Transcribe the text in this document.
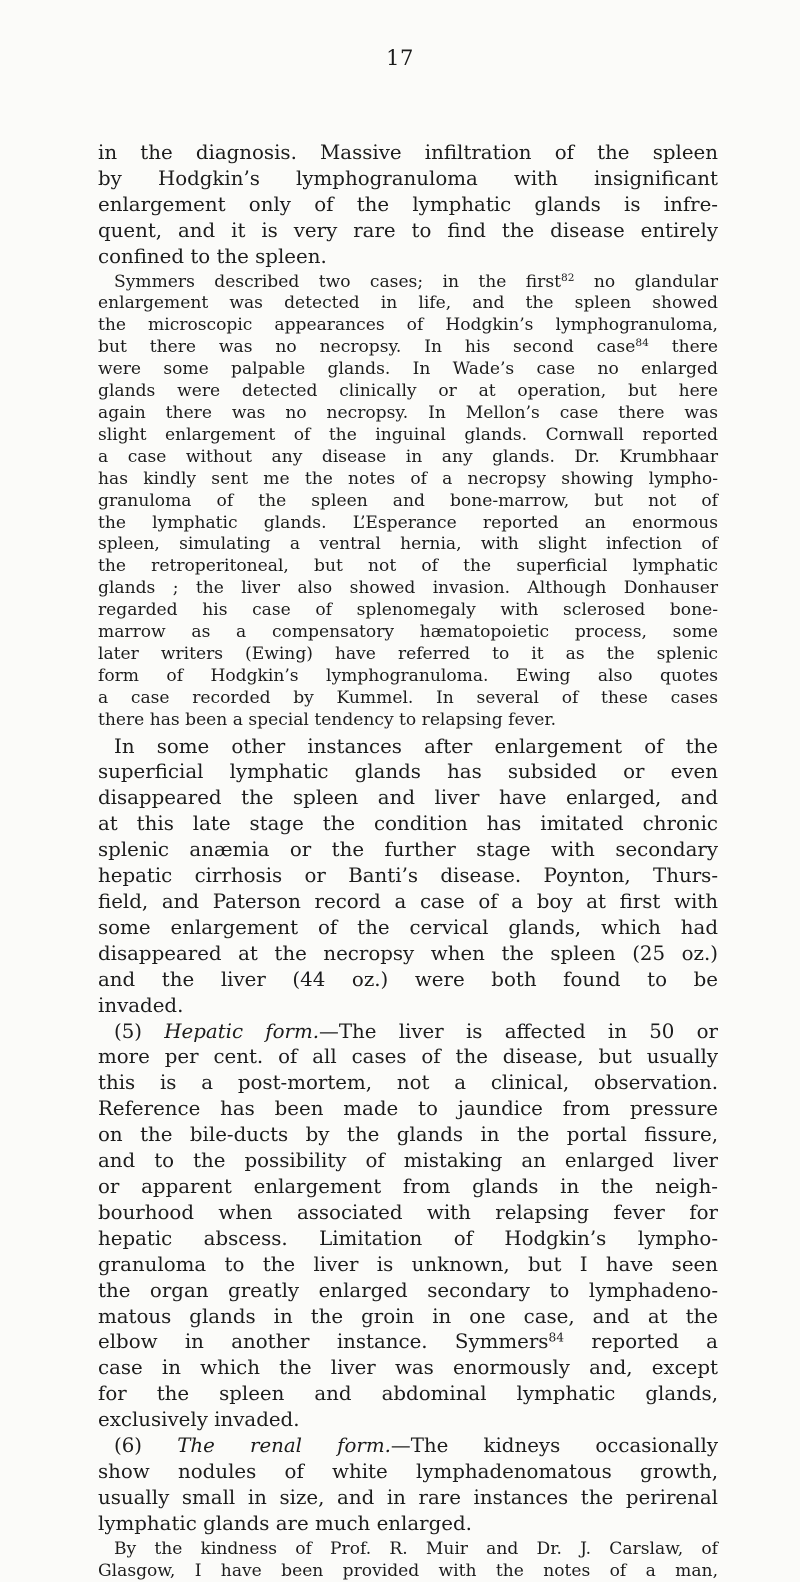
17
in the diagnosis. Massive infiltration of the spleen
by Hodgkin’s lymphogranuloma with insignificant
enlargement only of the lymphatic glands is infre-
quent, and it is very rare to find the disease entirely
confined to the spleen.
Symmers described two cases; in the first$^{82}$ no glandular
enlargement was detected in life, and the spleen showed
the microscopic appearances of Hodgkin’s lymphogranuloma,
but there was no necropsy. In his second case$^{84}$ there
were some palpable glands. In Wade’s case no enlarged
glands were detected clinically or at operation, but here
again there was no necropsy. In Mellon’s case there was
slight enlargement of the inguinal glands. Cornwall reported
a case without any disease in any glands. Dr. Krumbhaar
has kindly sent me the notes of a necropsy showing lympho-
granuloma of the spleen and bone-marrow, but not of
the lymphatic glands. L’Esperance reported an enormous
spleen, simulating a ventral hernia, with slight infection of
the retroperitoneal, but not of the superficial lymphatic
glands ; the liver also showed invasion. Although Donhauser
regarded his case of splenomegaly with sclerosed bone-
marrow as a compensatory hæmatopoietic process, some
later writers (Ewing) have referred to it as the splenic
form of Hodgkin’s lymphogranuloma. Ewing also quotes
a case recorded by Kummel. In several of these cases
there has been a special tendency to relapsing fever.
In some other instances after enlargement of the
superficial lymphatic glands has subsided or even
disappeared the spleen and liver have enlarged, and
at this late stage the condition has imitated chronic
splenic anæmia or the further stage with secondary
hepatic cirrhosis or Banti’s disease. Poynton, Thurs-
field, and Paterson record a case of a boy at first with
some enlargement of the cervical glands, which had
disappeared at the necropsy when the spleen (25 oz.)
and the liver (44 oz.) were both found to be
invaded.
(5) Hepatic form.—The liver is affected in 50 or
more per cent. of all cases of the disease, but usually
this is a post-mortem, not a clinical, observation.
Reference has been made to jaundice from pressure
on the bile-ducts by the glands in the portal fissure,
and to the possibility of mistaking an enlarged liver
or apparent enlargement from glands in the neigh-
bourhood when associated with relapsing fever for
hepatic abscess. Limitation of Hodgkin’s lympho-
granuloma to the liver is unknown, but I have seen
the organ greatly enlarged secondary to lymphadeno-
matous glands in the groin in one case, and at the
elbow in another instance. Symmers$^{84}$ reported a
case in which the liver was enormously and, except
for the spleen and abdominal lymphatic glands,
exclusively invaded.
(6) The renal form.—The kidneys occasionally
show nodules of white lymphadenomatous growth,
usually small in size, and in rare instances the perirenal
lymphatic glands are much enlarged.
By the kindness of Prof. R. Muir and Dr. J. Carslaw, of
Glasgow, I have been provided with the notes of a man,
